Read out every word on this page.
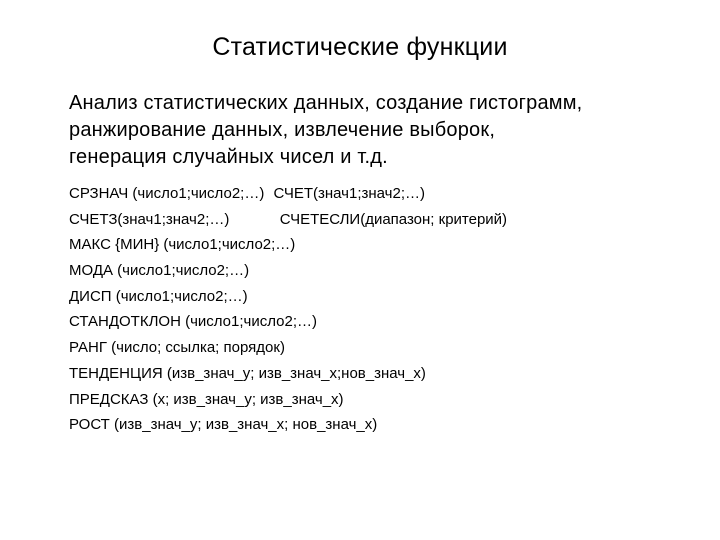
Статистические функции
Анализ статистических данных, создание гистограмм,
ранжирование данных, извлечение выборок,
генерация случайных чисел и т.д.
СРЗНАЧ (число1;число2;…) СЧЕТ(знач1;знач2;…)
СЧЕТЗ(знач1;знач2;…)	СЧЕТЕСЛИ(диапазон; критерий)
МАКС {МИН} (число1;число2;…)
МОДА (число1;число2;…)
ДИСП (число1;число2;…)
СТАНДОТКЛОН (число1;число2;…)
РАНГ (число; ссылка; порядок)
ТЕНДЕНЦИЯ (изв_знач_у; изв_знач_х;нов_знач_х)
ПРЕДСКАЗ (х; изв_знач_у; изв_знач_х)
РОСТ (изв_знач_у; изв_знач_х; нов_знач_х)
